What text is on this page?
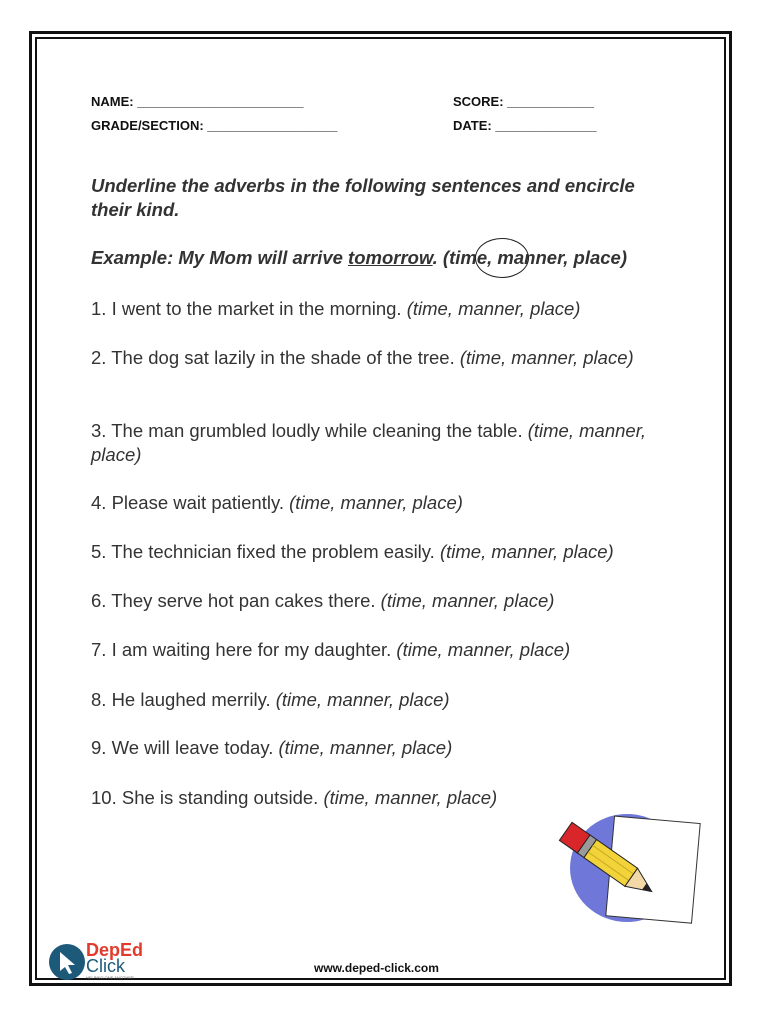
NAME: _______________________	SCORE: ____________
GRADE/SECTION: __________________	DATE: ______________
Underline the adverbs in the following sentences and encircle their kind.
Example: My Mom will arrive tomorrow. (time, manner, place)
1. I went to the market in the morning. (time, manner, place)
2. The dog sat lazily in the shade of the tree. (time, manner, place)
3. The man grumbled loudly while cleaning the table. (time, manner, place)
4. Please wait patiently. (time, manner, place)
5. The technician fixed the problem easily. (time, manner, place)
6. They serve hot pan cakes there. (time, manner, place)
7. I am waiting here for my daughter. (time, manner, place)
8. He laughed merrily. (time, manner, place)
9. We will leave today. (time, manner, place)
10. She is standing outside. (time, manner, place)
DepEd
Click
HELPING ONE ANOTHER
www.deped-click.com
